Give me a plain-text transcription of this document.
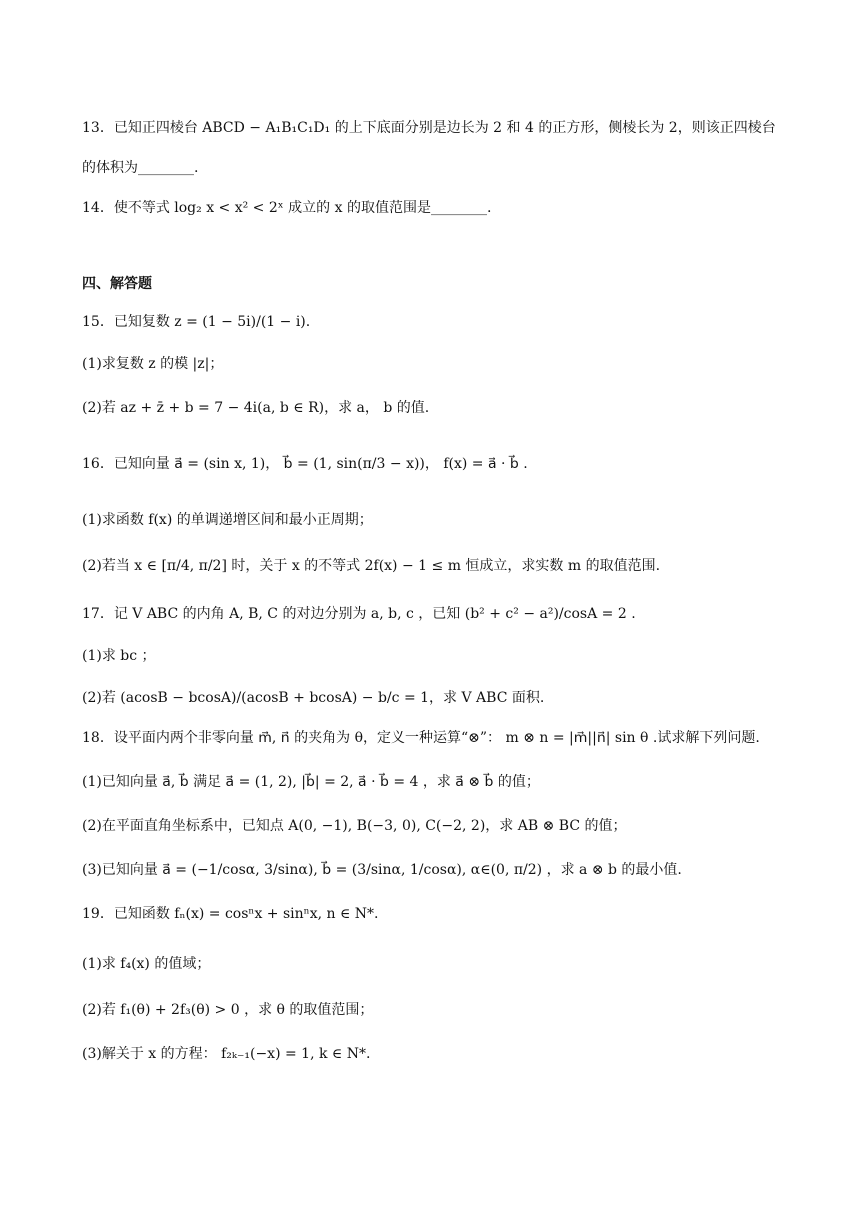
13．已知正四棱台 ABCD − A₁B₁C₁D₁ 的上下底面分别是边长为 2 和 4 的正方形，侧棱长为 2，则该正四棱台
的体积为________.
14．使不等式 log₂ x < x² < 2ˣ 成立的 x 的取值范围是________.
四、解答题
15．已知复数 z = (1 − 5i)/(1 − i).
(1)求复数 z 的模 |z|；
(2)若 az + z̄ + b = 7 − 4i(a, b ∈ R)，求 a， b 的值.
16．已知向量 a⃗ = (sin x, 1)， b⃗ = (1, sin(π/3 − x))， f(x) = a⃗ · b⃗ .
(1)求函数 f(x) 的单调递增区间和最小正周期；
(2)若当 x ∈ [π/4, π/2] 时，关于 x 的不等式 2f(x) − 1 ≤ m 恒成立，求实数 m 的取值范围.
17．记 V ABC 的内角 A, B, C 的对边分别为 a, b, c ，已知 (b² + c² − a²)/cosA = 2 .
(1)求 bc ；
(2)若 (acosB − bcosA)/(acosB + bcosA) − b/c = 1，求 V ABC 面积.
18．设平面内两个非零向量 m⃗, n⃗ 的夹角为 θ，定义一种运算“⊗”： m ⊗ n = |m⃗||n⃗| sin θ .试求解下列问题.
(1)已知向量 a⃗, b⃗ 满足 a⃗ = (1, 2), |b⃗| = 2, a⃗ · b⃗ = 4 ，求 a⃗ ⊗ b⃗ 的值；
(2)在平面直角坐标系中，已知点 A(0, −1), B(−3, 0), C(−2, 2)，求 AB ⊗ BC 的值；
(3)已知向量 a⃗ = (−1/cosα, 3/sinα), b⃗ = (3/sinα, 1/cosα), α∈(0, π/2) ，求 a ⊗ b 的最小值.
19．已知函数 fₙ(x) = cosⁿx + sinⁿx, n ∈ N*.
(1)求 f₄(x) 的值域；
(2)若 f₁(θ) + 2f₃(θ) > 0 ，求 θ 的取值范围；
(3)解关于 x 的方程： f₂ₖ₋₁(−x) = 1, k ∈ N*.
